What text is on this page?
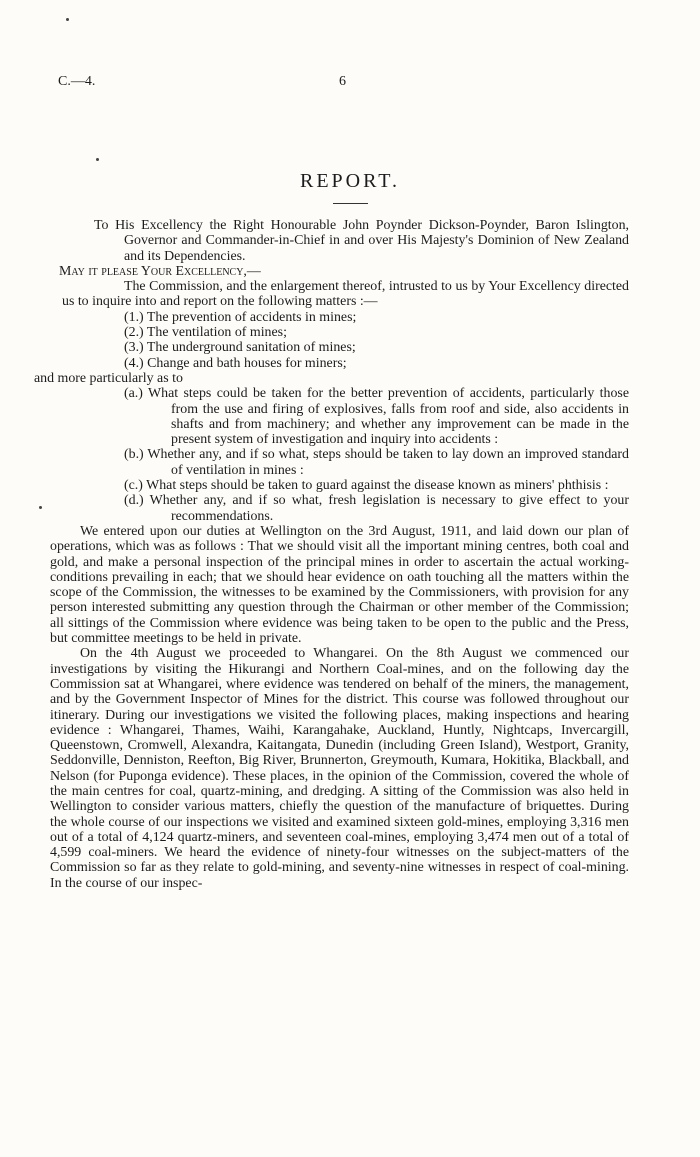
C.—4.	6
REPORT.

To His Excellency the Right Honourable John Poynder Dickson-Poynder, Baron Islington, Governor and Commander-in-Chief in and over His Majesty's Dominion of New Zealand and its Dependencies.

May it please Your Excellency,—

The Commission, and the enlargement thereof, intrusted to us by Your Excellency directed us to inquire into and report on the following matters :—

(1.) The prevention of accidents in mines;

(2.) The ventilation of mines;

(3.) The underground sanitation of mines;

(4.) Change and bath houses for miners;

and more particularly as to

(a.) What steps could be taken for the better prevention of accidents, particularly those from the use and firing of explosives, falls from roof and side, also accidents in shafts and from machinery; and whether any improvement can be made in the present system of investigation and inquiry into accidents :

(b.) Whether any, and if so what, steps should be taken to lay down an improved standard of ventilation in mines :

(c.) What steps should be taken to guard against the disease known as miners' phthisis :

(d.) Whether any, and if so what, fresh legislation is necessary to give effect to your recommendations.

We entered upon our duties at Wellington on the 3rd August, 1911, and laid down our plan of operations, which was as follows : That we should visit all the important mining centres, both coal and gold, and make a personal inspection of the principal mines in order to ascertain the actual working-conditions prevailing in each; that we should hear evidence on oath touching all the matters within the scope of the Commission, the witnesses to be examined by the Commissioners, with provision for any person interested submitting any question through the Chairman or other member of the Commission; all sittings of the Commission where evidence was being taken to be open to the public and the Press, but committee meetings to be held in private.

On the 4th August we proceeded to Whangarei. On the 8th August we commenced our investigations by visiting the Hikurangi and Northern Coal-mines, and on the following day the Commission sat at Whangarei, where evidence was tendered on behalf of the miners, the management, and by the Government Inspector of Mines for the district. This course was followed throughout our itinerary. During our investigations we visited the following places, making inspections and hearing evidence : Whangarei, Thames, Waihi, Karangahake, Auckland, Huntly, Nightcaps, Invercargill, Queenstown, Cromwell, Alexandra, Kaitangata, Dunedin (including Green Island), Westport, Granity, Seddonville, Denniston, Reefton, Big River, Brunnerton, Greymouth, Kumara, Hokitika, Blackball, and Nelson (for Puponga evidence). These places, in the opinion of the Commission, covered the whole of the main centres for coal, quartz-mining, and dredging. A sitting of the Commission was also held in Wellington to consider various matters, chiefly the question of the manufacture of briquettes. During the whole course of our inspections we visited and examined sixteen gold-mines, employing 3,316 men out of a total of 4,124 quartz-miners, and seventeen coal-mines, employing 3,474 men out of a total of 4,599 coal-miners. We heard the evidence of ninety-four witnesses on the subject-matters of the Commission so far as they relate to gold-mining, and seventy-nine witnesses in respect of coal-mining. In the course of our inspec-
